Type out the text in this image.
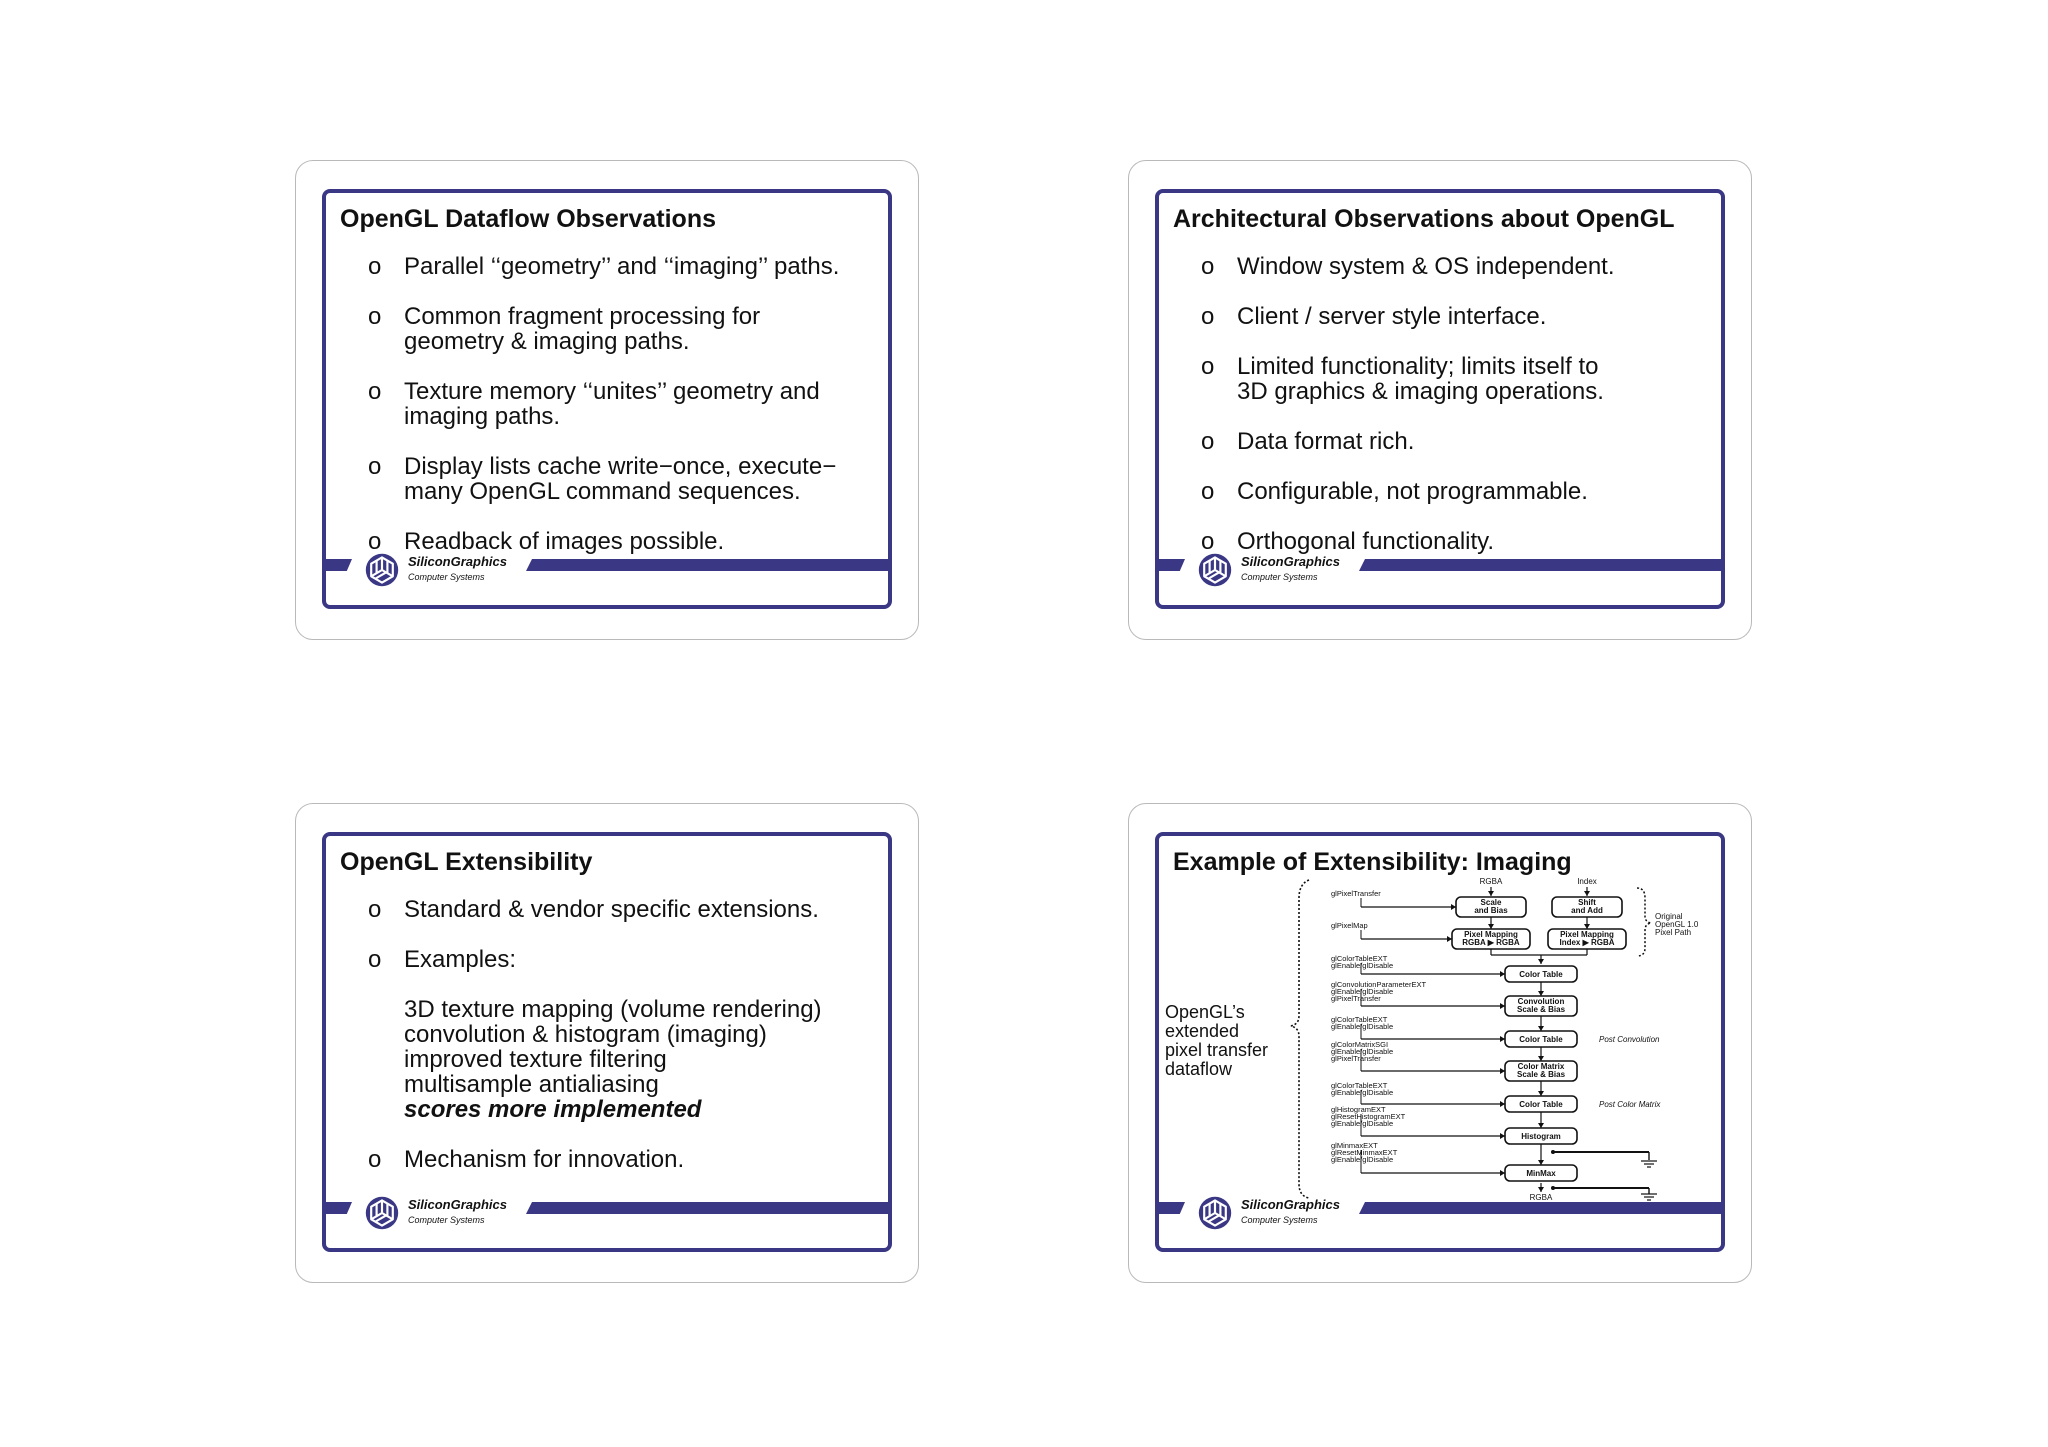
OpenGL Dataflow Observations
o Parallel ‘‘geometry’’ and ‘‘imaging’’ paths.
o Common fragment processing for
geometry & imaging paths.
o Texture memory ‘‘unites’’ geometry and
imaging paths.
o Display lists cache write−once, execute−
many OpenGL command sequences.
o Readback of images possible.
SiliconGraphics
Computer Systems
Architectural Observations about OpenGL
o Window system & OS independent.
o Client / server style interface.
o Limited functionality; limits itself to
3D graphics & imaging operations.
o Data format rich.
o Configurable, not programmable.
o Orthogonal functionality.
SiliconGraphics
Computer Systems
OpenGL Extensibility
o Standard & vendor specific extensions.
o Examples:
3D texture mapping (volume rendering)
convolution & histogram (imaging)
improved texture filtering
multisample antialiasing
scores more implemented
o Mechanism for innovation.
SiliconGraphics
Computer Systems
Example of Extensibility: Imaging
OpenGL’s
extended
pixel transfer
dataflow
RGBA	Index
Scale
and Bias
Shift
and Add
Pixel Mapping
RGBA ▶ RGBA
Pixel Mapping
Index ▶ RGBA
Original
OpenGL 1.0
Pixel Path
Color Table
Convolution
Scale & Bias
Color Table
Color Matrix
Scale & Bias
Color Table
Histogram
MinMax
glPixelTransfer
glPixelMap
glColorTableEXT
glEnable/glDisable
glConvolutionParameterEXT
glEnable/glDisable
glPixelTransfer
glColorTableEXT
glEnable/glDisable
glColorMatrixSGI
glEnable/glDisable
glPixelTransfer
glColorTableEXT
glEnable/glDisable
glHistogramEXT
glResetHistogramEXT
glEnable/glDisable
glMinmaxEXT
glResetMinmaxEXT
glEnable/glDisable
Post Convolution
Post Color Matrix
RGBA
SiliconGraphics
Computer Systems
